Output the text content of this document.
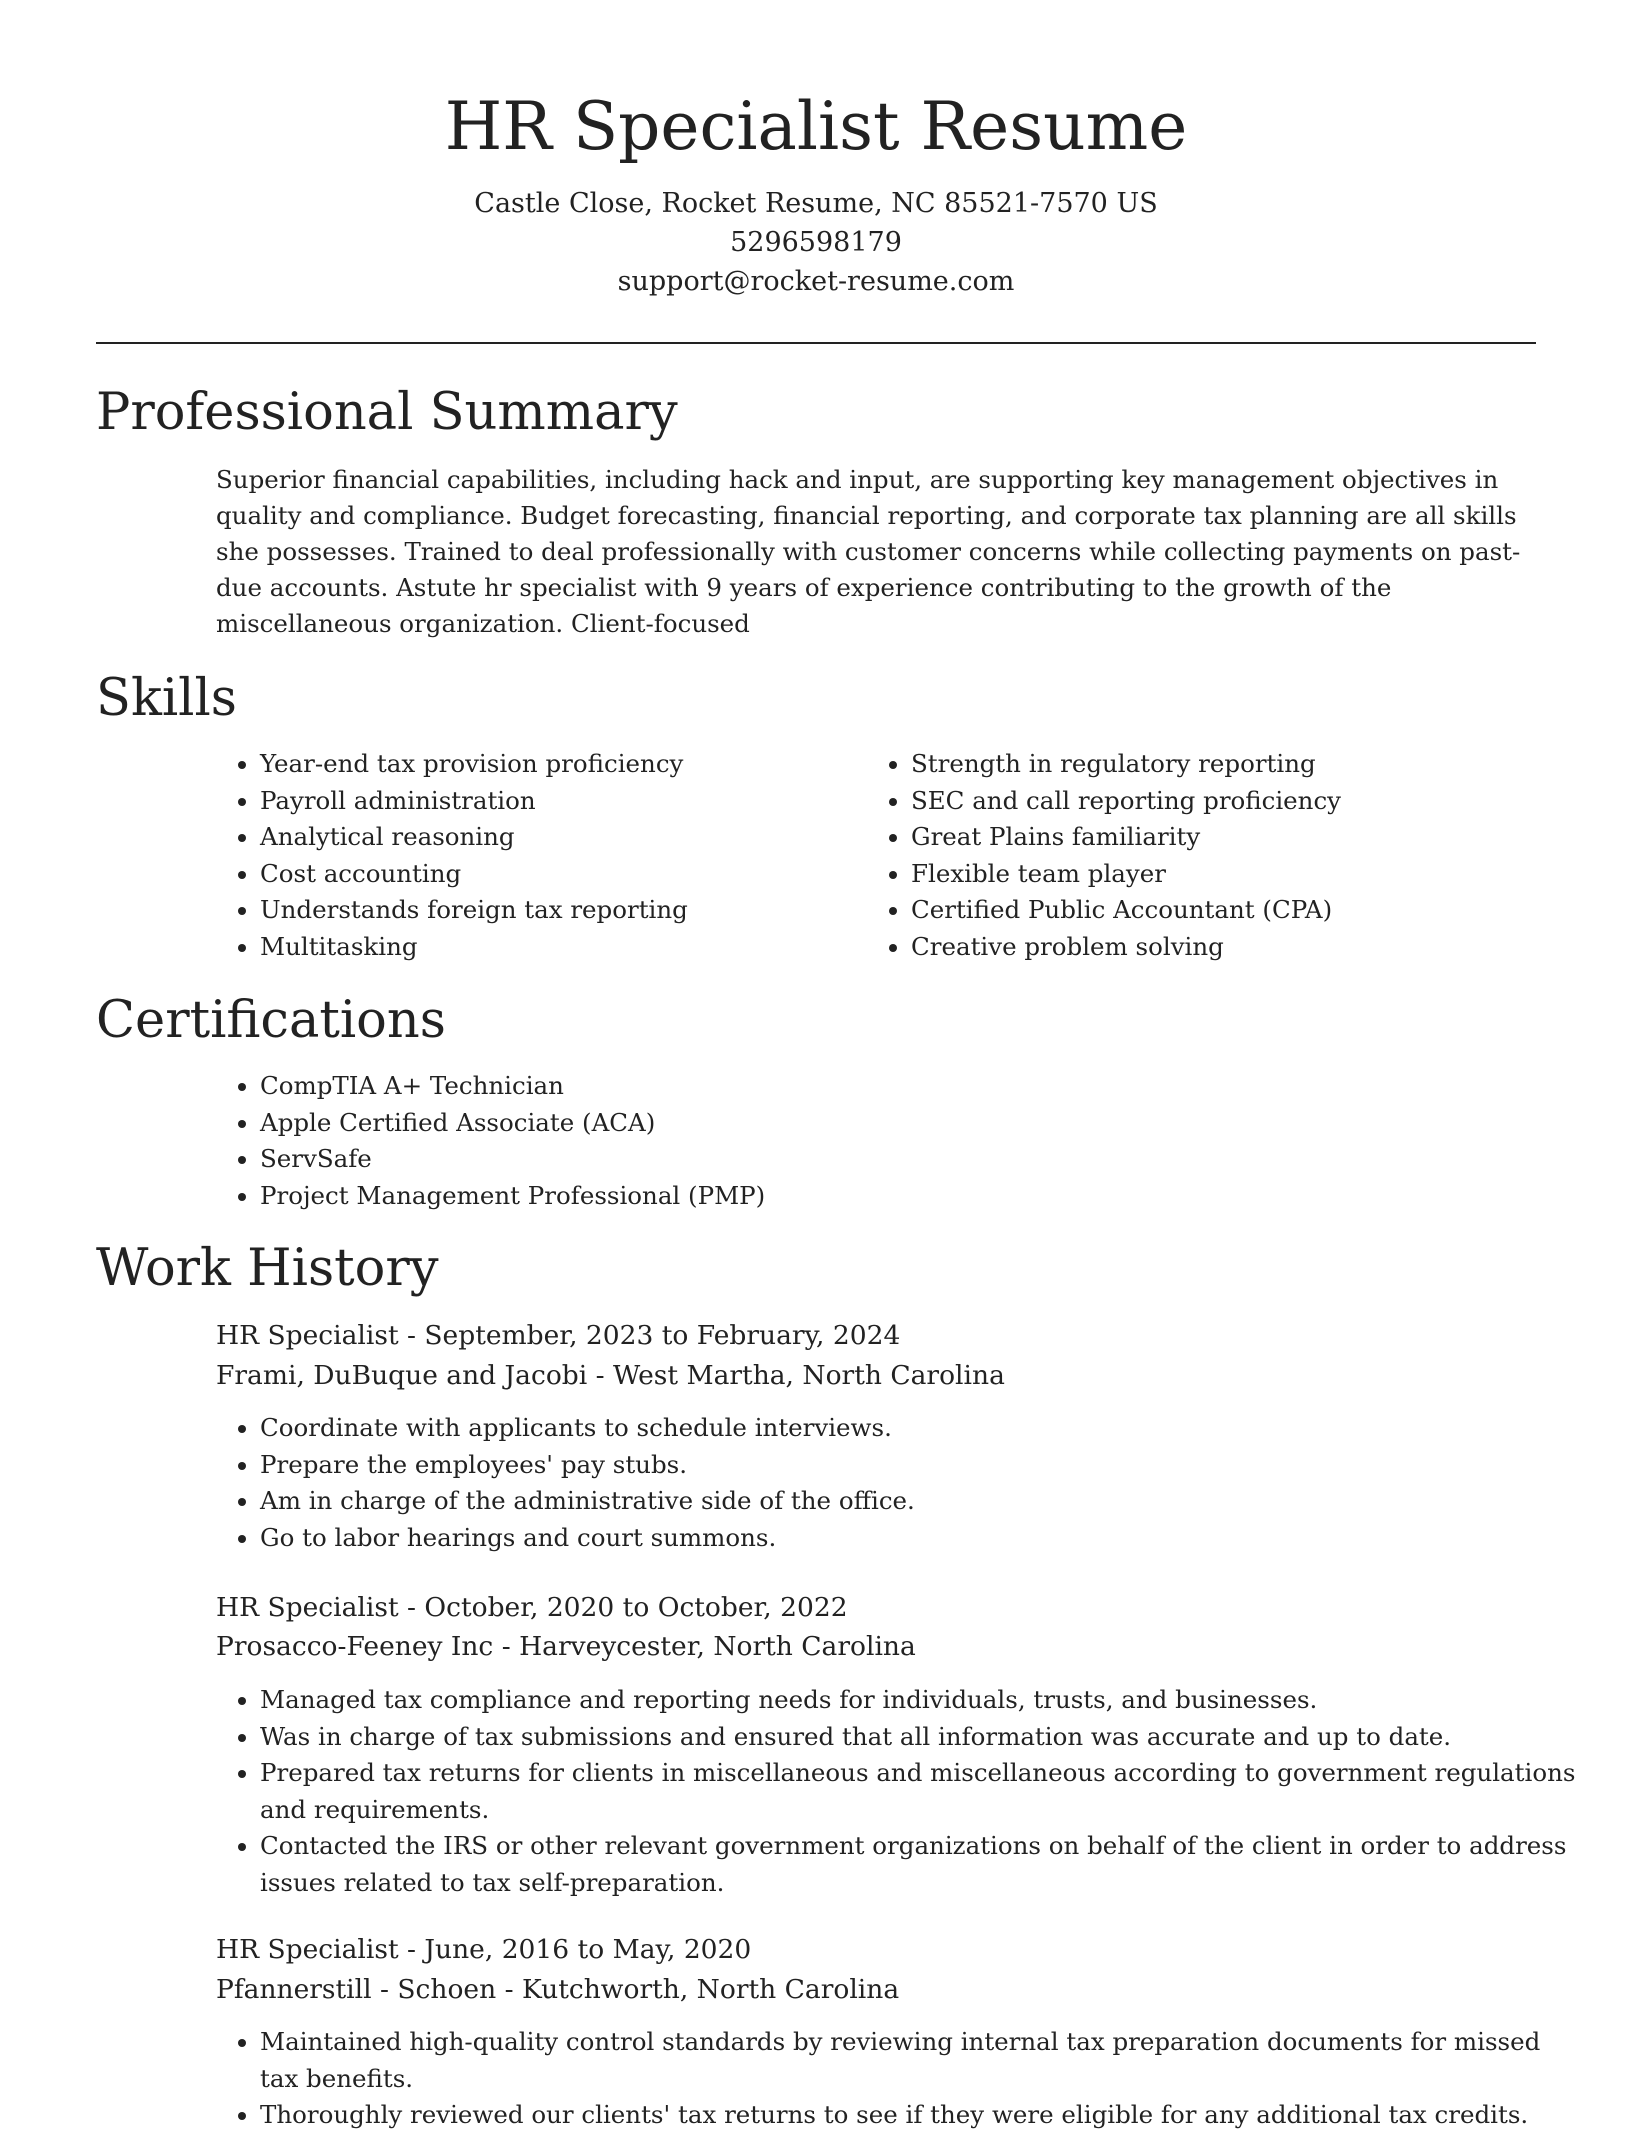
HR Specialist Resume
Castle Close, Rocket Resume, NC 85521-7570 US
5296598179
support@rocket-resume.com
Professional Summary
Superior financial capabilities, including hack and input, are supporting key management objectives in quality and compliance. Budget forecasting, financial reporting, and corporate tax planning are all skills she possesses. Trained to deal professionally with customer concerns while collecting payments on past-due accounts. Astute hr specialist with 9 years of experience contributing to the growth of the miscellaneous organization. Client-focused
Skills
• Year-end tax provision proficiency
• Payroll administration
• Analytical reasoning
• Cost accounting
• Understands foreign tax reporting
• Multitasking
• Strength in regulatory reporting
• SEC and call reporting proficiency
• Great Plains familiarity
• Flexible team player
• Certified Public Accountant (CPA)
• Creative problem solving
Certifications
• CompTIA A+ Technician
• Apple Certified Associate (ACA)
• ServSafe
• Project Management Professional (PMP)
Work History
HR Specialist - September, 2023 to February, 2024
Frami, DuBuque and Jacobi - West Martha, North Carolina
• Coordinate with applicants to schedule interviews.
• Prepare the employees' pay stubs.
• Am in charge of the administrative side of the office.
• Go to labor hearings and court summons.
HR Specialist - October, 2020 to October, 2022
Prosacco-Feeney Inc - Harveycester, North Carolina
• Managed tax compliance and reporting needs for individuals, trusts, and businesses.
• Was in charge of tax submissions and ensured that all information was accurate and up to date.
• Prepared tax returns for clients in miscellaneous and miscellaneous according to government regulations and requirements.
• Contacted the IRS or other relevant government organizations on behalf of the client in order to address issues related to tax self-preparation.
HR Specialist - June, 2016 to May, 2020
Pfannerstill - Schoen - Kutchworth, North Carolina
• Maintained high-quality control standards by reviewing internal tax preparation documents for missed tax benefits.
• Thoroughly reviewed our clients' tax returns to see if they were eligible for any additional tax credits.
